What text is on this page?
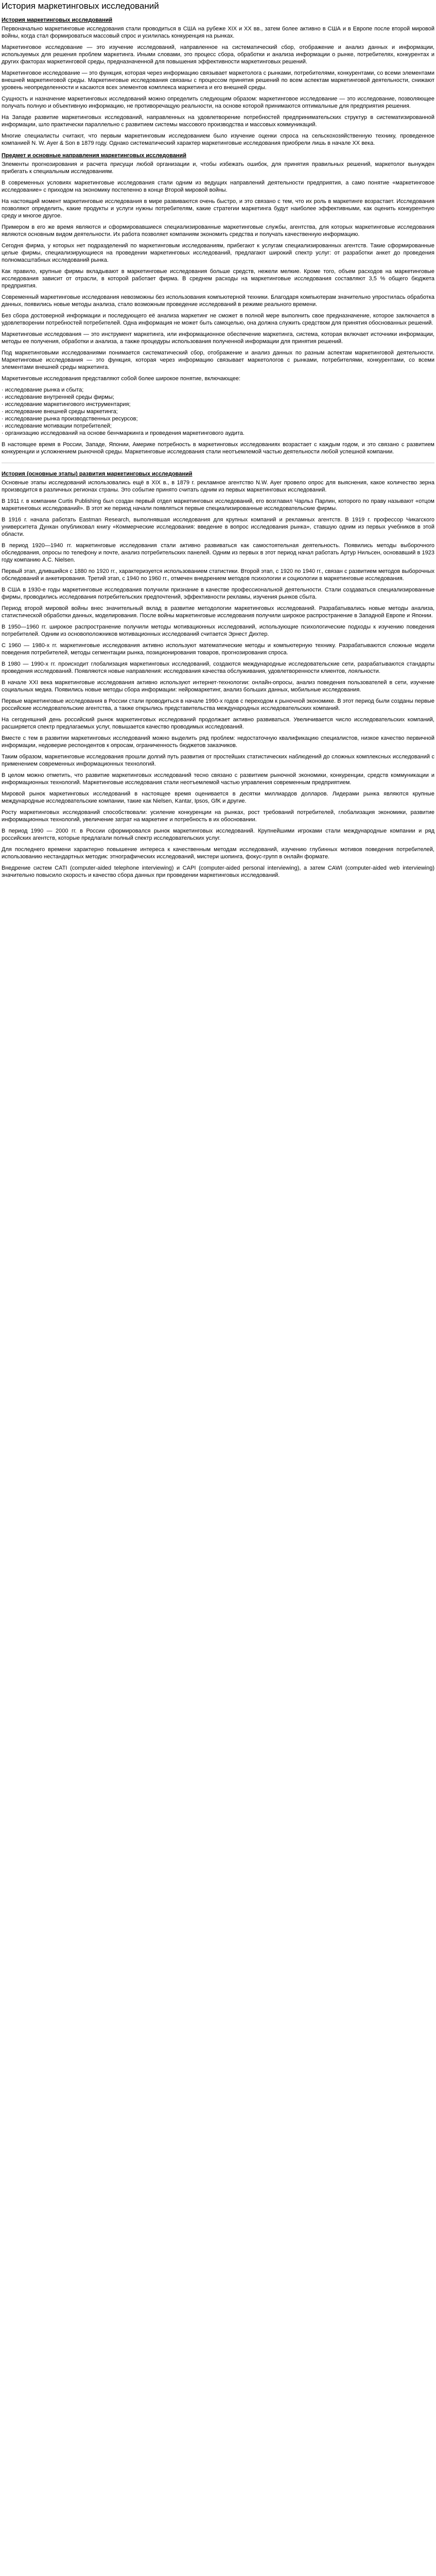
История маркетинговых исследований
История маркетинговых исследований

Первоначально маркетинговые исследования стали проводиться в США на рубеже XIX и XX вв., затем более активно в США и в Европе после второй мировой войны, когда стал формироваться массовый спрос и усилилась конкуренция на рынках.

Маркетинговое исследование — это изучение исследований, направленное на систематический сбор, отображение и анализ данных и информации, используемых для решения проблем маркетинга. Иными словами, это процесс сбора, обработки и анализа информации о рынке, потребителях, конкурентах и других факторах маркетинговой среды, предназначенной для повышения эффективности маркетинговых решений.

Маркетинговое исследование — это функция, которая через информацию связывает маркетолога с рынками, потребителями, конкурентами, со всеми элементами внешней маркетинговой среды. Маркетинговые исследования связаны с процессом принятия решений по всем аспектам маркетинговой деятельности, снижают уровень неопределенности и касаются всех элементов комплекса маркетинга и его внешней среды.

Сущность и назначение маркетинговых исследований можно определить следующим образом: маркетинговое исследование — это исследование, позволяющее получать полную и объективную информацию, не противоречащую реальности, на основе которой принимаются оптимальные для предприятия решения.

На Западе развитие маркетинговых исследований, направленных на удовлетворение потребностей предпринимательских структур в систематизированной информации, шло практически параллельно с развитием системы массового производства и массовых коммуникаций.

Многие специалисты считают, что первым маркетинговым исследованием было изучение оценки спроса на сельскохозяйственную технику, проведенное компанией N. W. Ayer & Son в 1879 году. Однако систематический характер маркетинговые исследования приобрели лишь в начале XX века.

Предмет и основные направления маркетинговых исследований

Элементы прогнозирования и расчета присущи любой организации и, чтобы избежать ошибок, для принятия правильных решений, маркетолог вынужден прибегать к специальным исследованиям.

В современных условиях маркетинговые исследования стали одним из ведущих направлений деятельности предприятия, а само понятие «маркетинговое исследование» с приходом на экономику постепенно в конце Второй мировой войны.

На настоящий момент маркетинговые исследования в мире развиваются очень быстро, и это связано с тем, что их роль в маркетинге возрастает. Исследования позволяют определить, какие продукты и услуги нужны потребителям, какие стратегии маркетинга будут наиболее эффективными, как оценить конкурентную среду и многое другое.

Примером в его же время являются и сформировавшиеся специализированные маркетинговые службы, агентства, для которых маркетинговые исследования являются основным видом деятельности. Их работа позволяет компаниям экономить средства и получать качественную информацию.

Сегодня фирма, у которых нет подразделений по маркетинговым исследованиям, прибегают к услугам специализированных агентств. Такие сформированные целые фирмы, специализирующиеся на проведении маркетинговых исследований, предлагают широкий спектр услуг: от разработки анкет до проведения полномасштабных исследований рынка.

Как правило, крупные фирмы вкладывают в маркетинговые исследования больше средств, нежели мелкие. Кроме того, объем расходов на маркетинговые исследования зависит от отрасли, в которой работает фирма. В среднем расходы на маркетинговые исследования составляют 3,5 % общего бюджета предприятия.

Современный маркетинговые исследования невозможны без использования компьютерной техники. Благодаря компьютерам значительно упростилась обработка данных, появились новые методы анализа, стало возможным проведение исследований в режиме реального времени.

Без сбора достоверной информации и последующего её анализа маркетинг не сможет в полной мере выполнить свое предназначение, которое заключается в удовлетворении потребностей потребителей. Одна информация не может быть самоцелью, она должна служить средством для принятия обоснованных решений.

Маркетинговые исследования — это инструмент маркетинга, или информационное обеспечение маркетинга, система, которая включает источники информации, методы ее получения, обработки и анализа, а также процедуры использования полученной информации для принятия решений.

Под маркетинговыми исследованиями понимается систематический сбор, отображение и анализ данных по разным аспектам маркетинговой деятельности. Маркетинговые исследования — это функция, которая через информацию связывает маркетологов с рынками, потребителями, конкурентами, со всеми элементами внешней среды маркетинга.

Маркетинговые исследования представляют собой более широкое понятие, включающее:

· исследование рынка и сбыта;
· исследование внутренней среды фирмы;
· исследование маркетингового инструментария;
· исследование внешней среды маркетинга;
· исследование рынка производственных ресурсов;
· исследование мотивации потребителей;
· организацию исследований на основе бенчмаркинга и проведения маркетингового аудита.

В настоящее время в России, Западе, Японии, Америке потребность в маркетинговых исследованиях возрастает с каждым годом, и это связано с развитием конкуренции и усложнением рыночной среды. Маркетинговые исследования стали неотъемлемой частью деятельности любой успешной компании.

История (основные этапы) развития маркетинговых исследований

Основные этапы исследований использовались ещё в XIX в., в 1879 г. рекламное агентство N.W. Ayer провело опрос для выяснения, какое количество зерна производится в различных регионах страны. Это событие принято считать одним из первых маркетинговых исследований.

В 1911 г. в компании Curtis Publishing был создан первый отдел маркетинговых исследований, его возглавил Чарльз Парлин, которого по праву называют «отцом маркетинговых исследований». В этот же период начали появляться первые специализированные исследовательские фирмы.

В 1916 г. начала работать Eastman Research, выполнявшая исследования для крупных компаний и рекламных агентств. В 1919 г. профессор Чикагского университета Дункан опубликовал книгу «Коммерческие исследования: введение в вопрос исследования рынка», ставшую одним из первых учебников в этой области.

В период 1920—1940 гг. маркетинговые исследования стали активно развиваться как самостоятельная деятельность. Появились методы выборочного обследования, опросы по телефону и почте, анализ потребительских панелей. Одним из первых в этот период начал работать Артур Нильсен, основавший в 1923 году компанию A.C. Nielsen.

Первый этап, длившийся с 1880 по 1920 гг., характеризуется использованием статистики. Второй этап, с 1920 по 1940 гг., связан с развитием методов выборочных обследований и анкетирования. Третий этап, с 1940 по 1960 гг., отмечен внедрением методов психологии и социологии в маркетинговые исследования.

В США в 1930-е годы маркетинговые исследования получили признание в качестве профессиональной деятельности. Стали создаваться специализированные фирмы, проводились исследования потребительских предпочтений, эффективности рекламы, изучения рынков сбыта.

Период второй мировой войны внес значительный вклад в развитие методологии маркетинговых исследований. Разрабатывались новые методы анализа, статистической обработки данных, моделирования. После войны маркетинговые исследования получили широкое распространение в Западной Европе и Японии.

В 1950—1960 гг. широкое распространение получили методы мотивационных исследований, использующие психологические подходы к изучению поведения потребителей. Одним из основоположников мотивационных исследований считается Эрнест Дихтер.

С 1960 — 1980-х гг. маркетинговые исследования активно используют математические методы и компьютерную технику. Разрабатываются сложные модели поведения потребителей, методы сегментации рынка, позиционирования товаров, прогнозирования спроса.

В 1980 — 1990-х гг. происходит глобализация маркетинговых исследований, создаются международные исследовательские сети, разрабатываются стандарты проведения исследований. Появляются новые направления: исследования качества обслуживания, удовлетворенности клиентов, лояльности.

В начале XXI века маркетинговые исследования активно используют интернет-технологии: онлайн-опросы, анализ поведения пользователей в сети, изучение социальных медиа. Появились новые методы сбора информации: нейромаркетинг, анализ больших данных, мобильные исследования.

Первые маркетинговые исследования в России стали проводиться в начале 1990-х годов с переходом к рыночной экономике. В этот период были созданы первые российские исследовательские агентства, а также открылись представительства международных исследовательских компаний.

На сегодняшний день российский рынок маркетинговых исследований продолжает активно развиваться. Увеличивается число исследовательских компаний, расширяется спектр предлагаемых услуг, повышается качество проводимых исследований.

Вместе с тем в развитии маркетинговых исследований можно выделить ряд проблем: недостаточную квалификацию специалистов, низкое качество первичной информации, недоверие респондентов к опросам, ограниченность бюджетов заказчиков.

Таким образом, маркетинговые исследования прошли долгий путь развития от простейших статистических наблюдений до сложных комплексных исследований с применением современных информационных технологий.

В целом можно отметить, что развитие маркетинговых исследований тесно связано с развитием рыночной экономики, конкуренции, средств коммуникации и информационных технологий. Маркетинговые исследования стали неотъемлемой частью управления современным предприятием.

Мировой рынок маркетинговых исследований в настоящее время оценивается в десятки миллиардов долларов. Лидерами рынка являются крупные международные исследовательские компании, такие как Nielsen, Kantar, Ipsos, GfK и другие.

Росту маркетинговых исследований способствовали: усиление конкуренции на рынках, рост требований потребителей, глобализация экономики, развитие информационных технологий, увеличение затрат на маркетинг и потребность в их обосновании.

В период 1990 — 2000 гг. в России сформировался рынок маркетинговых исследований. Крупнейшими игроками стали международные компании и ряд российских агентств, которые предлагали полный спектр исследовательских услуг.

Для последнего времени характерно повышение интереса к качественным методам исследований, изучению глубинных мотивов поведения потребителей, использованию нестандартных методик: этнографических исследований, мистери шопинга, фокус-групп в онлайн формате.

Внедрение систем CATI (computer-aided telephone interviewing) и CAPI (computer-aided personal interviewing), а затем CAWI (computer-aided web interviewing) значительно повысило скорость и качество сбора данных при проведении маркетинговых исследований.
